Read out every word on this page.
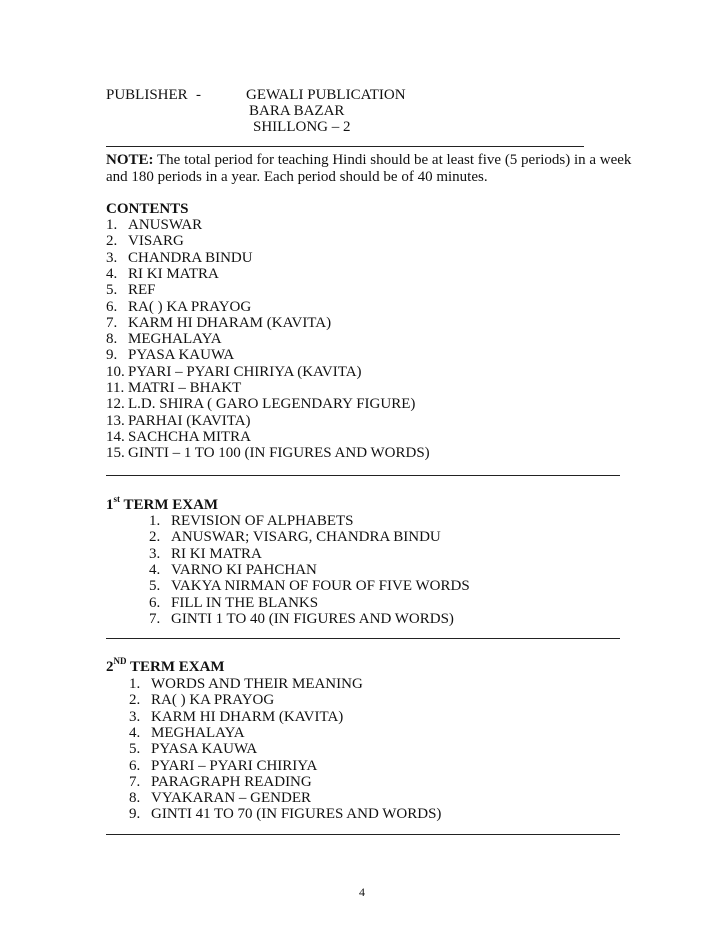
PUBLISHER -	GEWALI PUBLICATION
BARA BAZAR
SHILLONG – 2
NOTE: The total period for teaching Hindi should be at least five (5 periods) in a week
and 180 periods in a year. Each period should be of 40 minutes.
CONTENTS
1. ANUSWAR
2. VISARG
3. CHANDRA BINDU
4. RI KI MATRA
5. REF
6. RA( ) KA PRAYOG
7. KARM HI DHARAM (KAVITA)
8. MEGHALAYA
9. PYASA KAUWA
10. PYARI – PYARI CHIRIYA (KAVITA)
11. MATRI – BHAKT
12. L.D. SHIRA ( GARO LEGENDARY FIGURE)
13. PARHAI (KAVITA)
14. SACHCHA MITRA
15. GINTI – 1 TO 100 (IN FIGURES AND WORDS)
1st TERM EXAM
1. REVISION OF ALPHABETS
2. ANUSWAR; VISARG, CHANDRA BINDU
3. RI KI MATRA
4. VARNO KI PAHCHAN
5. VAKYA NIRMAN OF FOUR OF FIVE WORDS
6. FILL IN THE BLANKS
7. GINTI 1 TO 40 (IN FIGURES AND WORDS)
2ND TERM EXAM
1. WORDS AND THEIR MEANING
2. RA( ) KA PRAYOG
3. KARM HI DHARM (KAVITA)
4. MEGHALAYA
5. PYASA KAUWA
6. PYARI – PYARI CHIRIYA
7. PARAGRAPH READING
8. VYAKARAN – GENDER
9. GINTI 41 TO 70 (IN FIGURES AND WORDS)
4
